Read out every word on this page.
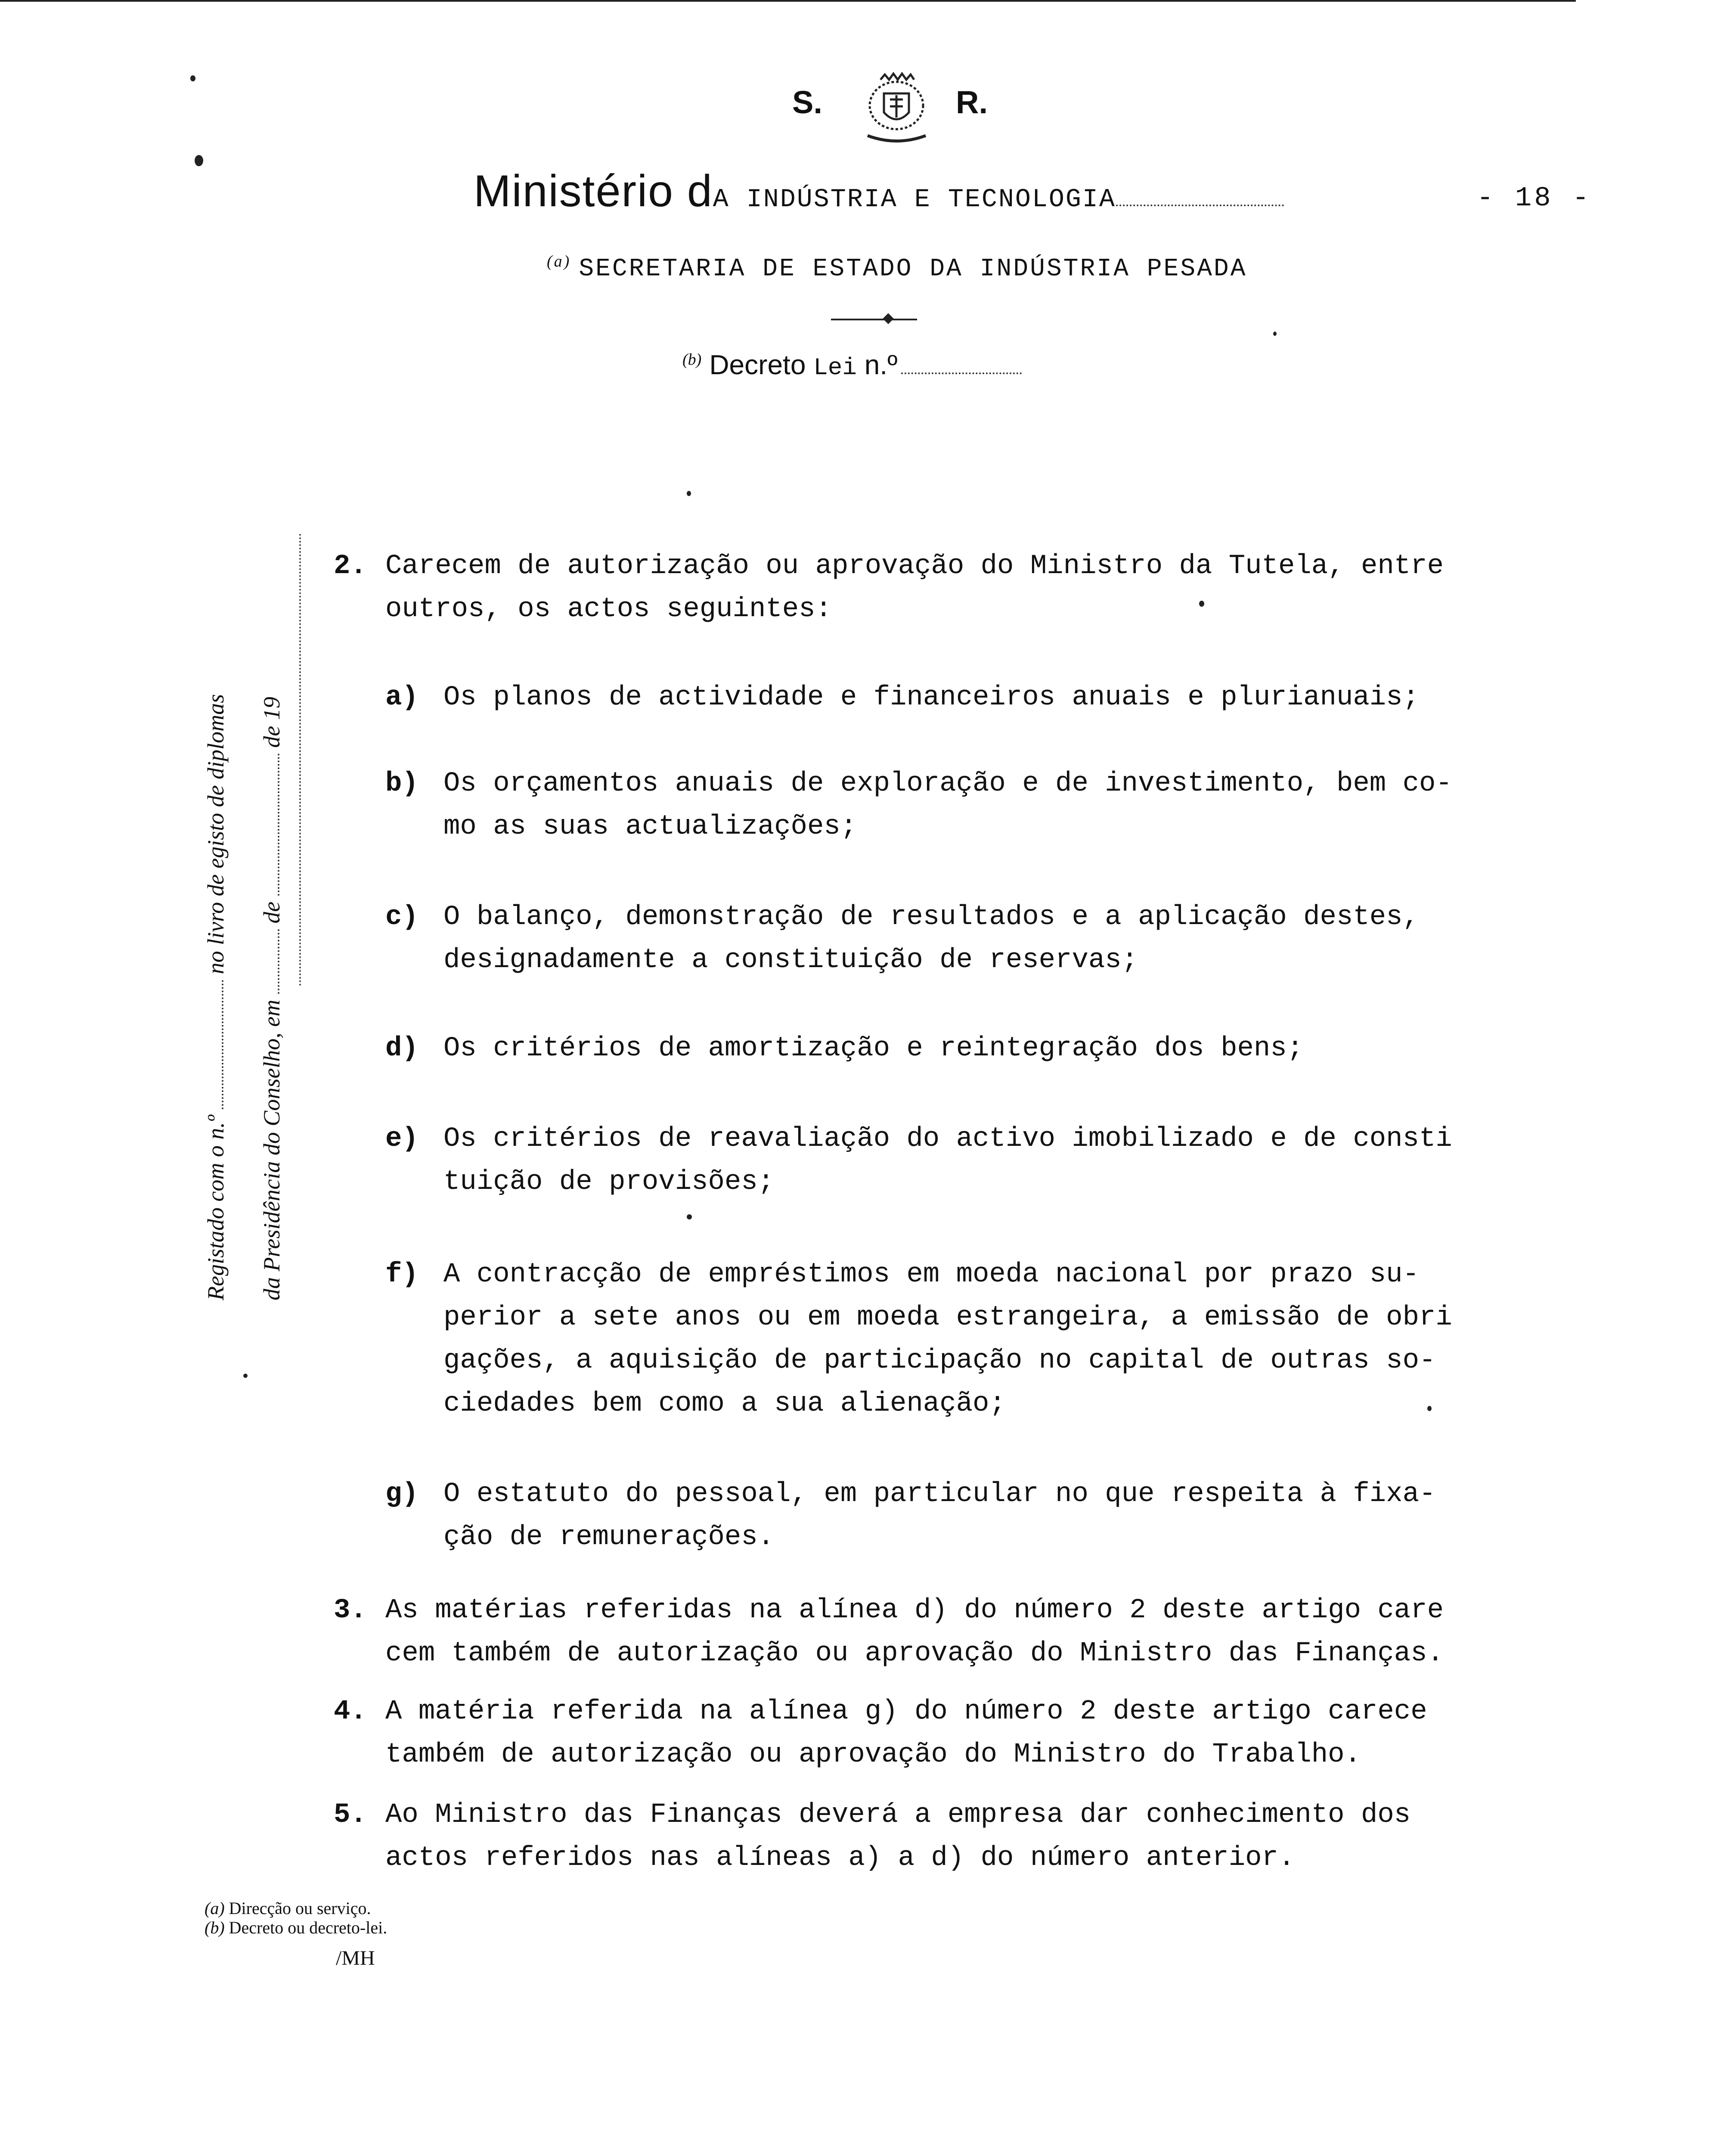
S.	R.
Ministério dA INDÚSTRIA E TECNOLOGIA	- 18 -
$^{(a)}$ SECRETARIA DE ESTADO DA INDÚSTRIA PESADA
$^{(b)}$ Decreto Lei n.º
Registado com o n.º  no livro de egisto de diplomas
da Presidência do Conselho, em  de  de 19
2. Carecem de autorização ou aprovação do Ministro da Tutela, entre
outros, os actos seguintes:
a) Os planos de actividade e financeiros anuais e plurianuais;
b) Os orçamentos anuais de exploração e de investimento, bem co-
mo as suas actualizações;
c) O balanço, demonstração de resultados e a aplicação destes,
designadamente a constituição de reservas;
d) Os critérios de amortização e reintegração dos bens;
e) Os critérios de reavaliação do activo imobilizado e de consti
tuição de provisões;
f) A contracção de empréstimos em moeda nacional por prazo su-
perior a sete anos ou em moeda estrangeira, a emissão de obri
gações, a aquisição de participação no capital de outras so-
ciedades bem como a sua alienação;
g) O estatuto do pessoal, em particular no que respeita à fixa-
ção de remunerações.
3. As matérias referidas na alínea d) do número 2 deste artigo care
cem também de autorização ou aprovação do Ministro das Finanças.
4. A matéria referida na alínea g) do número 2 deste artigo carece
também de autorização ou aprovação do Ministro do Trabalho.
5. Ao Ministro das Finanças deverá a empresa dar conhecimento dos
actos referidos nas alíneas a) a d) do número anterior.
(a) Direcção ou serviço.
(b) Decreto ou decreto-lei.
/MH
